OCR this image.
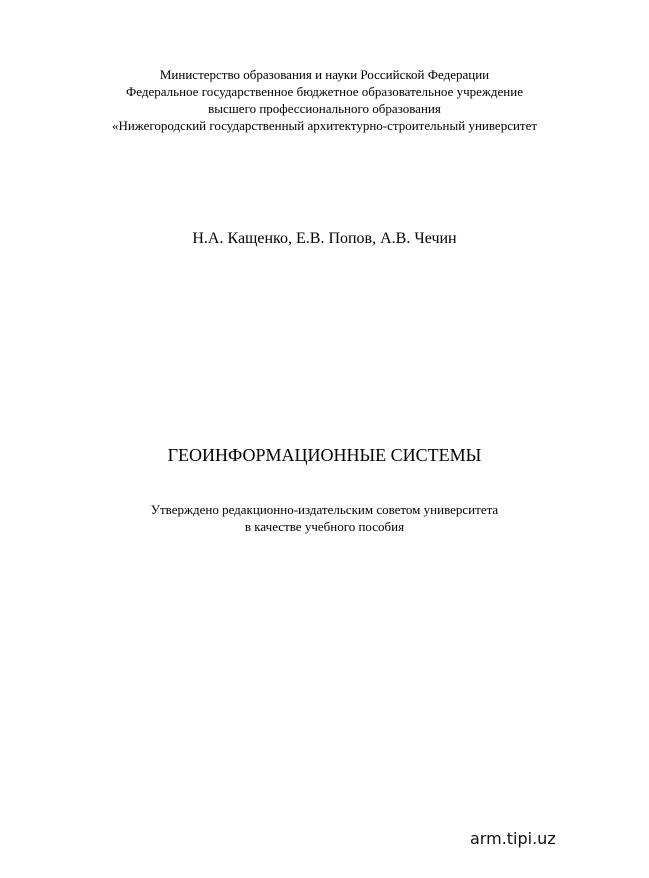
Министерство образования и науки Российской Федерации
Федеральное государственное бюджетное образовательное учреждение
высшего профессионального образования
«Нижегородский государственный архитектурно-строительный университет
Н.А. Кащенко, Е.В. Попов, А.В. Чечин
ГЕОИНФОРМАЦИОННЫЕ СИСТЕМЫ
Утверждено редакционно-издательским советом университета
в качестве учебного пособия
arm.tipi.uz
